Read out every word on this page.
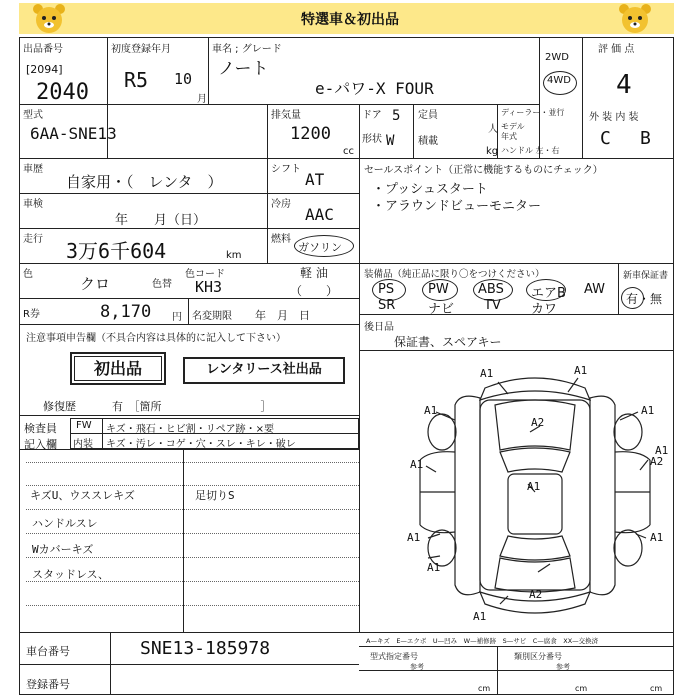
特選車＆初出品
出品番号
[2094]
2040
初度登録年月
R5 10
月
車名 ; グレード
ノート
e-パワ-X FOUR
2WD
4WD
評 価 点
4
型式
6AA-SNE13
排気量
1200
cc
ドア 5
形状 W
定員
人
積載
kg
ディーラー・並行
モデル
年式
ハンドル 左・右
外 装 内 装
C B
車歴
自家用・（　レンタ　）
シフト
AT
車検
年　　月（日）
冷房
AAC
走行 3万6千604	km
燃料
ガソリン
軽 油
（　　）
色
クロ	色替
色コード
KH3
R券	8,170 円 名変期限 年　月　日
セールスポイント（正常に機能するものにチェック）
・プッシュスタート
・アラウンドビューモニター
装備品（純正品に限り〇をつけください）
PS	PW ABS エアB AW
SR	ナビ TV カワ
新車保証書
有・無
後日品
保証書、スペアキー
注意事項申告欄（不具合内容は具体的に記入して下さい）
初出品	レンタリース社出品
修復歴	有　［箇所　　　　　　　　　］
検査員
記入欄
FW キズ・飛石・ヒビ割・リペア跡・×要
内装 キズ・汚レ・コゲ・穴・スレ・キレ・破レ
キズU、ウススレキズ	足切りS
ハンドルスレ
Wカバーキズ
スタッドレス、
A1	A1
A1	A1
A2
A1
A1
A1
A2
A1	A1
A2
A1
A1
A—キズ　E—エクボ　U—凹み　W—補修跡　S—サビ　C—腐食　XX—交換済
車台番号	SNE13-185978
登録番号
型式指定番号
参考
類別区分番号
参考
cm	cm	cm
